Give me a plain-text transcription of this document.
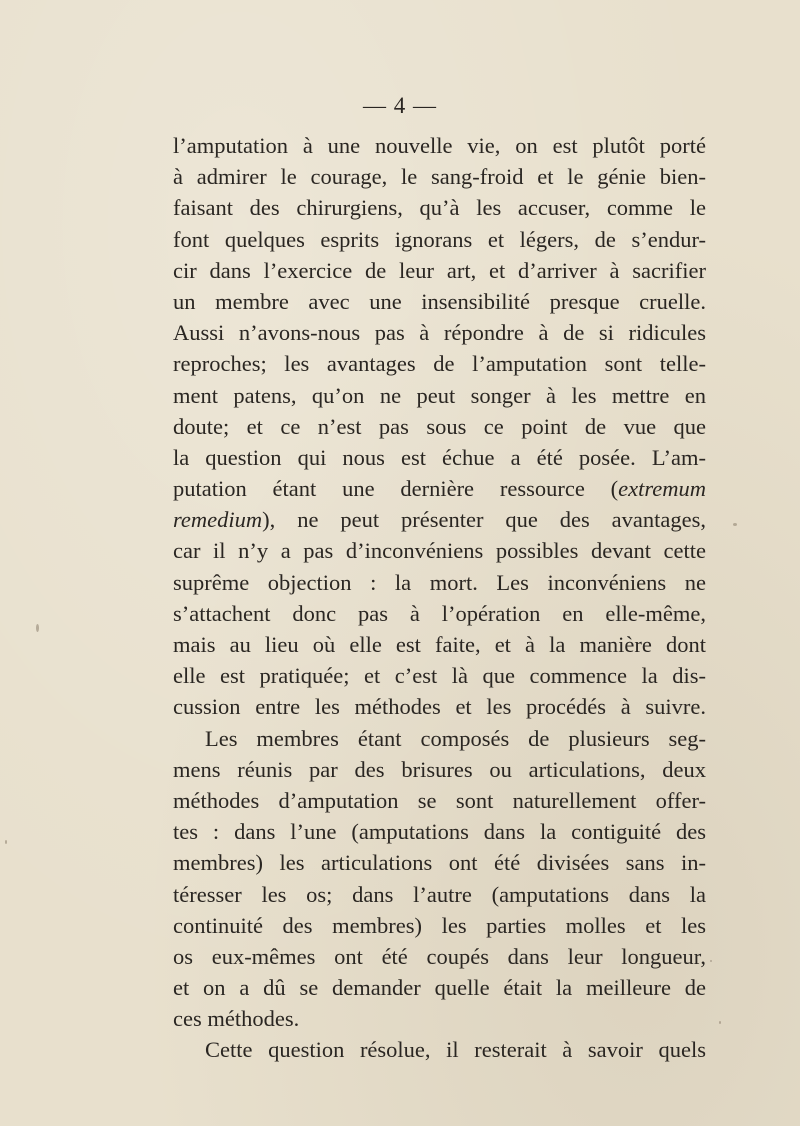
— 4 —
l’amputation à une nouvelle vie, on est plutôt porté
à admirer le courage, le sang-froid et le génie bien-
faisant des chirurgiens, qu’à les accuser, comme le
font quelques esprits ignorans et légers, de s’endur-
cir dans l’exercice de leur art, et d’arriver à sacrifier
un membre avec une insensibilité presque cruelle.
Aussi n’avons-nous pas à répondre à de si ridicules
reproches; les avantages de l’amputation sont telle-
ment patens, qu’on ne peut songer à les mettre en
doute; et ce n’est pas sous ce point de vue que
la question qui nous est échue a été posée. L’am-
putation étant une dernière ressource (extremum
remedium), ne peut présenter que des avantages,
car il n’y a pas d’inconvéniens possibles devant cette
suprême objection : la mort. Les inconvéniens ne
s’attachent donc pas à l’opération en elle-même,
mais au lieu où elle est faite, et à la manière dont
elle est pratiquée; et c’est là que commence la dis-
cussion entre les méthodes et les procédés à suivre.
Les membres étant composés de plusieurs seg-
mens réunis par des brisures ou articulations, deux
méthodes d’amputation se sont naturellement offer-
tes : dans l’une (amputations dans la contiguité des
membres) les articulations ont été divisées sans in-
téresser les os; dans l’autre (amputations dans la
continuité des membres) les parties molles et les
os eux-mêmes ont été coupés dans leur longueur,
et on a dû se demander quelle était la meilleure de
ces méthodes.
Cette question résolue, il resterait à savoir quels
